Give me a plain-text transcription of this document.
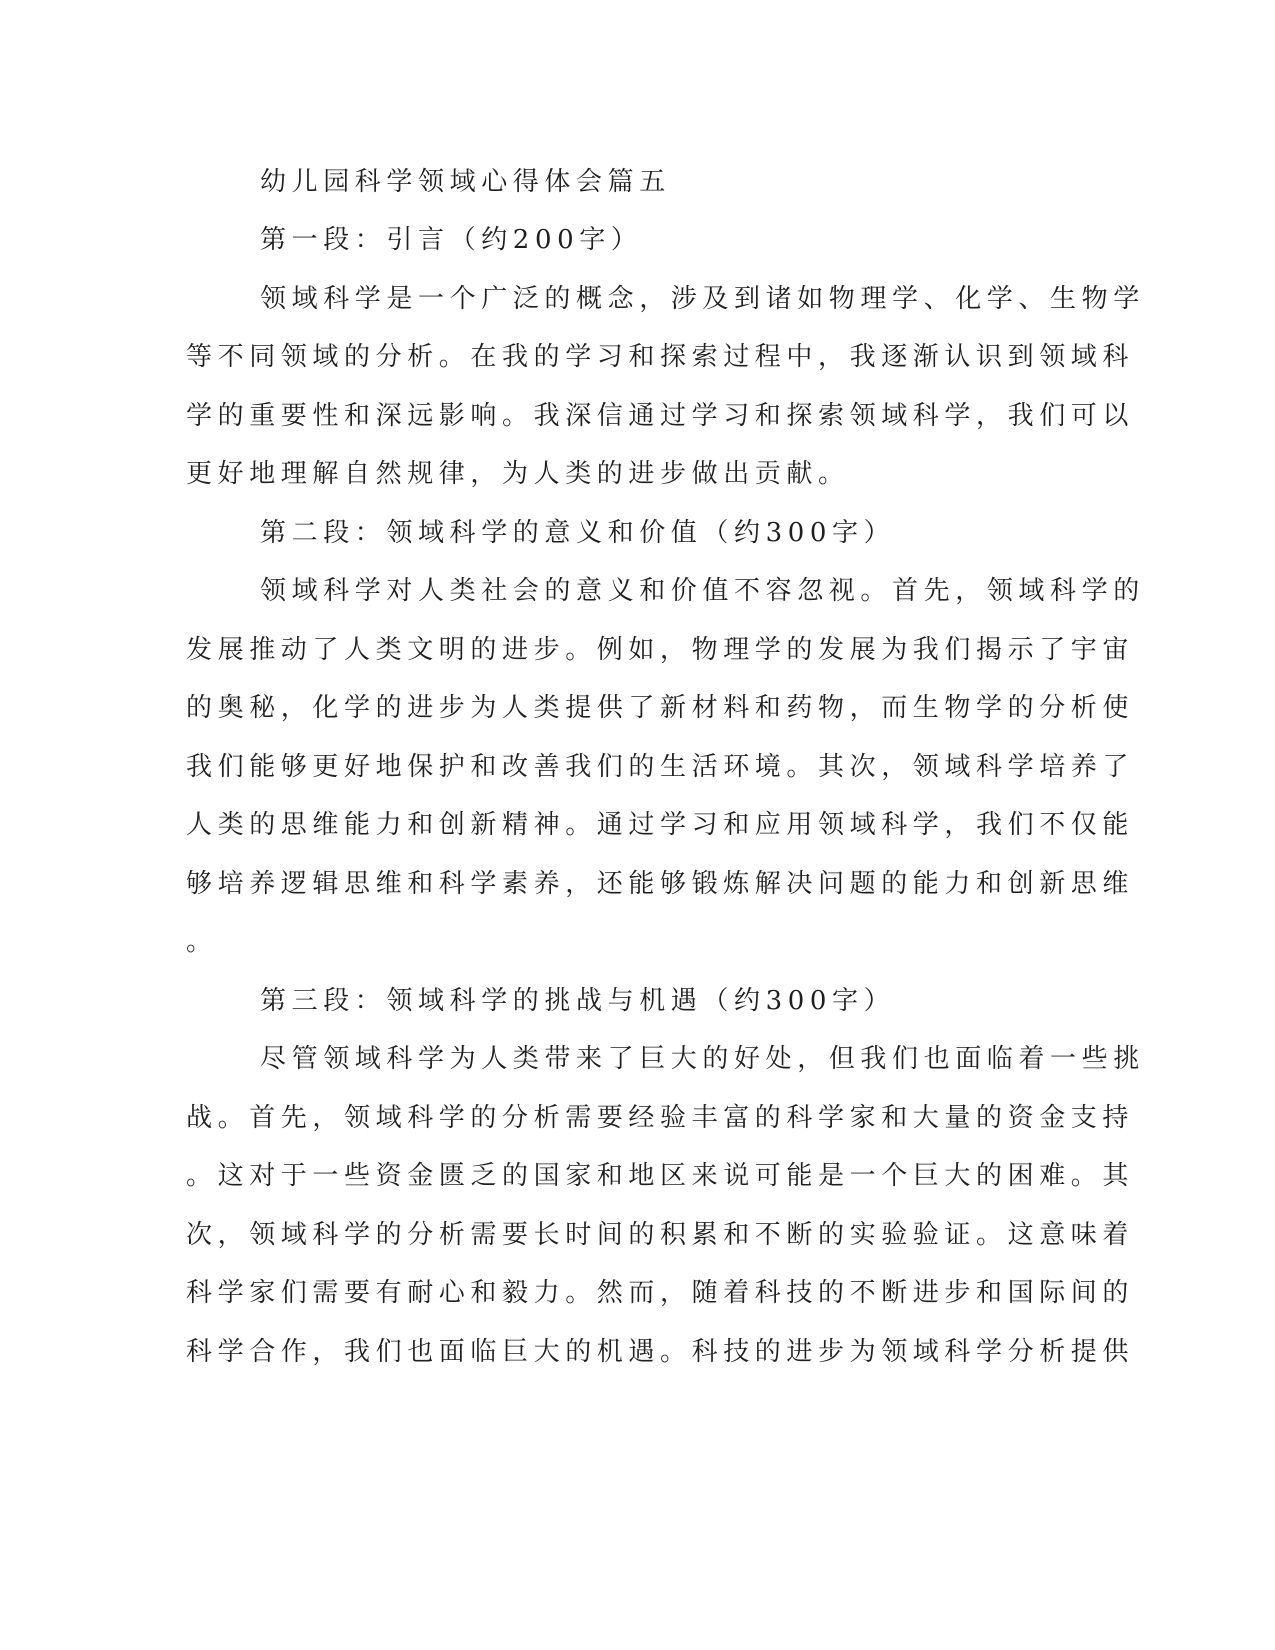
幼儿园科学领域心得体会篇五
第一段：引言（约200字）
领域科学是一个广泛的概念，涉及到诸如物理学、化学、生物学
等不同领域的分析。在我的学习和探索过程中，我逐渐认识到领域科
学的重要性和深远影响。我深信通过学习和探索领域科学，我们可以
更好地理解自然规律，为人类的进步做出贡献。
第二段：领域科学的意义和价值（约300字）
领域科学对人类社会的意义和价值不容忽视。首先，领域科学的
发展推动了人类文明的进步。例如，物理学的发展为我们揭示了宇宙
的奥秘，化学的进步为人类提供了新材料和药物，而生物学的分析使
我们能够更好地保护和改善我们的生活环境。其次，领域科学培养了
人类的思维能力和创新精神。通过学习和应用领域科学，我们不仅能
够培养逻辑思维和科学素养，还能够锻炼解决问题的能力和创新思维
。
第三段：领域科学的挑战与机遇（约300字）
尽管领域科学为人类带来了巨大的好处，但我们也面临着一些挑
战。首先，领域科学的分析需要经验丰富的科学家和大量的资金支持
。这对于一些资金匮乏的国家和地区来说可能是一个巨大的困难。其
次，领域科学的分析需要长时间的积累和不断的实验验证。这意味着
科学家们需要有耐心和毅力。然而，随着科技的不断进步和国际间的
科学合作，我们也面临巨大的机遇。科技的进步为领域科学分析提供
